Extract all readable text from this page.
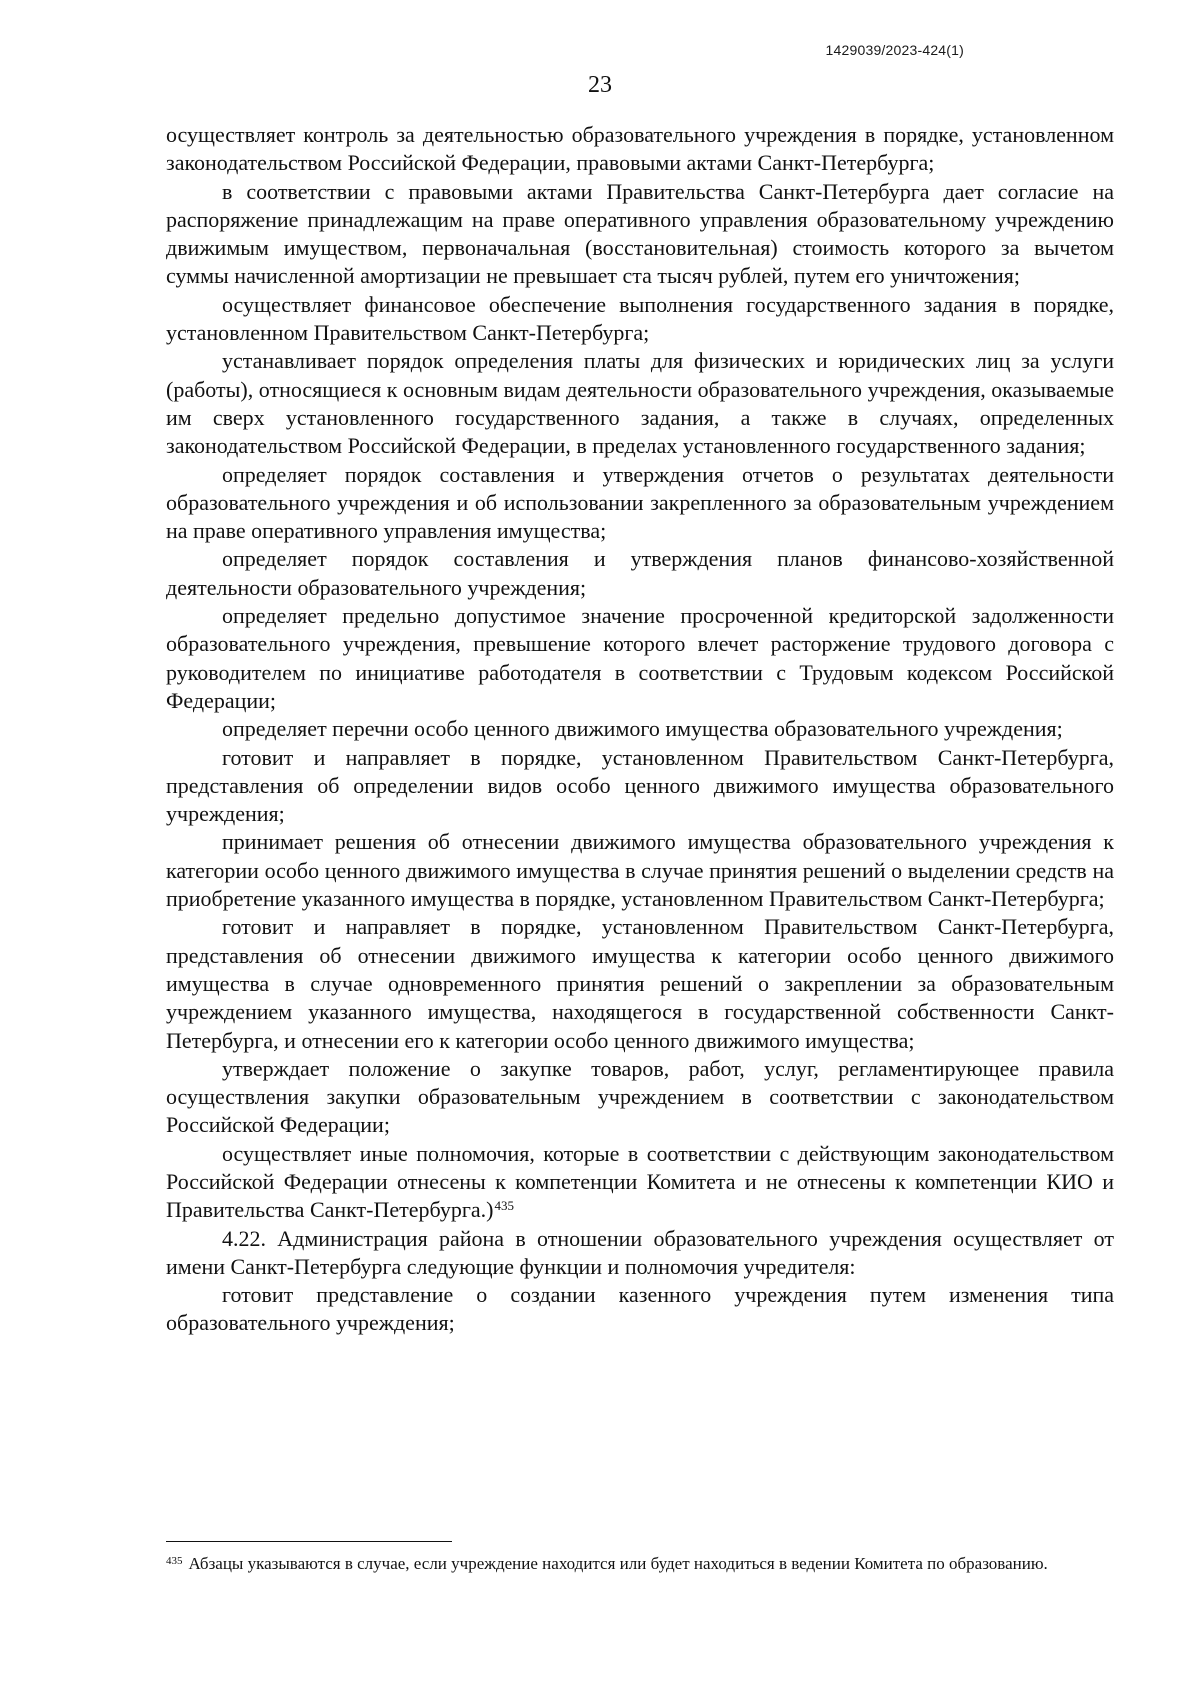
1429039/2023-424(1)
23

осуществляет контроль за деятельностью образовательного учреждения в порядке, установленном законодательством Российской Федерации, правовыми актами Санкт-Петербурга;

в соответствии с правовыми актами Правительства Санкт-Петербурга дает согласие на распоряжение принадлежащим на праве оперативного управления образовательному учреждению движимым имуществом, первоначальная (восстановительная) стоимость которого за вычетом суммы начисленной амортизации не превышает ста тысяч рублей, путем его уничтожения;

осуществляет финансовое обеспечение выполнения государственного задания в порядке, установленном Правительством Санкт-Петербурга;

устанавливает порядок определения платы для физических и юридических лиц за услуги (работы), относящиеся к основным видам деятельности образовательного учреждения, оказываемые им сверх установленного государственного задания, а также в случаях, определенных законодательством Российской Федерации, в пределах установленного государственного задания;

определяет порядок составления и утверждения отчетов о результатах деятельности образовательного учреждения и об использовании закрепленного за образовательным учреждением на праве оперативного управления имущества;

определяет порядок составления и утверждения планов финансово-хозяйственной деятельности образовательного учреждения;

определяет предельно допустимое значение просроченной кредиторской задолженности образовательного учреждения, превышение которого влечет расторжение трудового договора с руководителем по инициативе работодателя в соответствии с Трудовым кодексом Российской Федерации;

определяет перечни особо ценного движимого имущества образовательного учреждения;

готовит и направляет в порядке, установленном Правительством Санкт-Петербурга, представления об определении видов особо ценного движимого имущества образовательного учреждения;

принимает решения об отнесении движимого имущества образовательного учреждения к категории особо ценного движимого имущества в случае принятия решений о выделении средств на приобретение указанного имущества в порядке, установленном Правительством Санкт-Петербурга;

готовит и направляет в порядке, установленном Правительством Санкт-Петербурга, представления об отнесении движимого имущества к категории особо ценного движимого имущества в случае одновременного принятия решений о закреплении за образовательным учреждением указанного имущества, находящегося в государственной собственности Санкт-Петербурга, и отнесении его к категории особо ценного движимого имущества;

утверждает положение о закупке товаров, работ, услуг, регламентирующее правила осуществления закупки образовательным учреждением в соответствии с законодательством Российской Федерации;

осуществляет иные полномочия, которые в соответствии с действующим законодательством Российской Федерации отнесены к компетенции Комитета и не отнесены к компетенции КИО и Правительства Санкт-Петербурга.)$^{435}$

4.22. Администрация района в отношении образовательного учреждения осуществляет от имени Санкт-Петербурга следующие функции и полномочия учредителя:

готовит представление о создании казенного учреждения путем изменения типа образовательного учреждения;

$^{435}$ Абзацы указываются в случае, если учреждение находится или будет находиться в ведении Комитета по образованию.
